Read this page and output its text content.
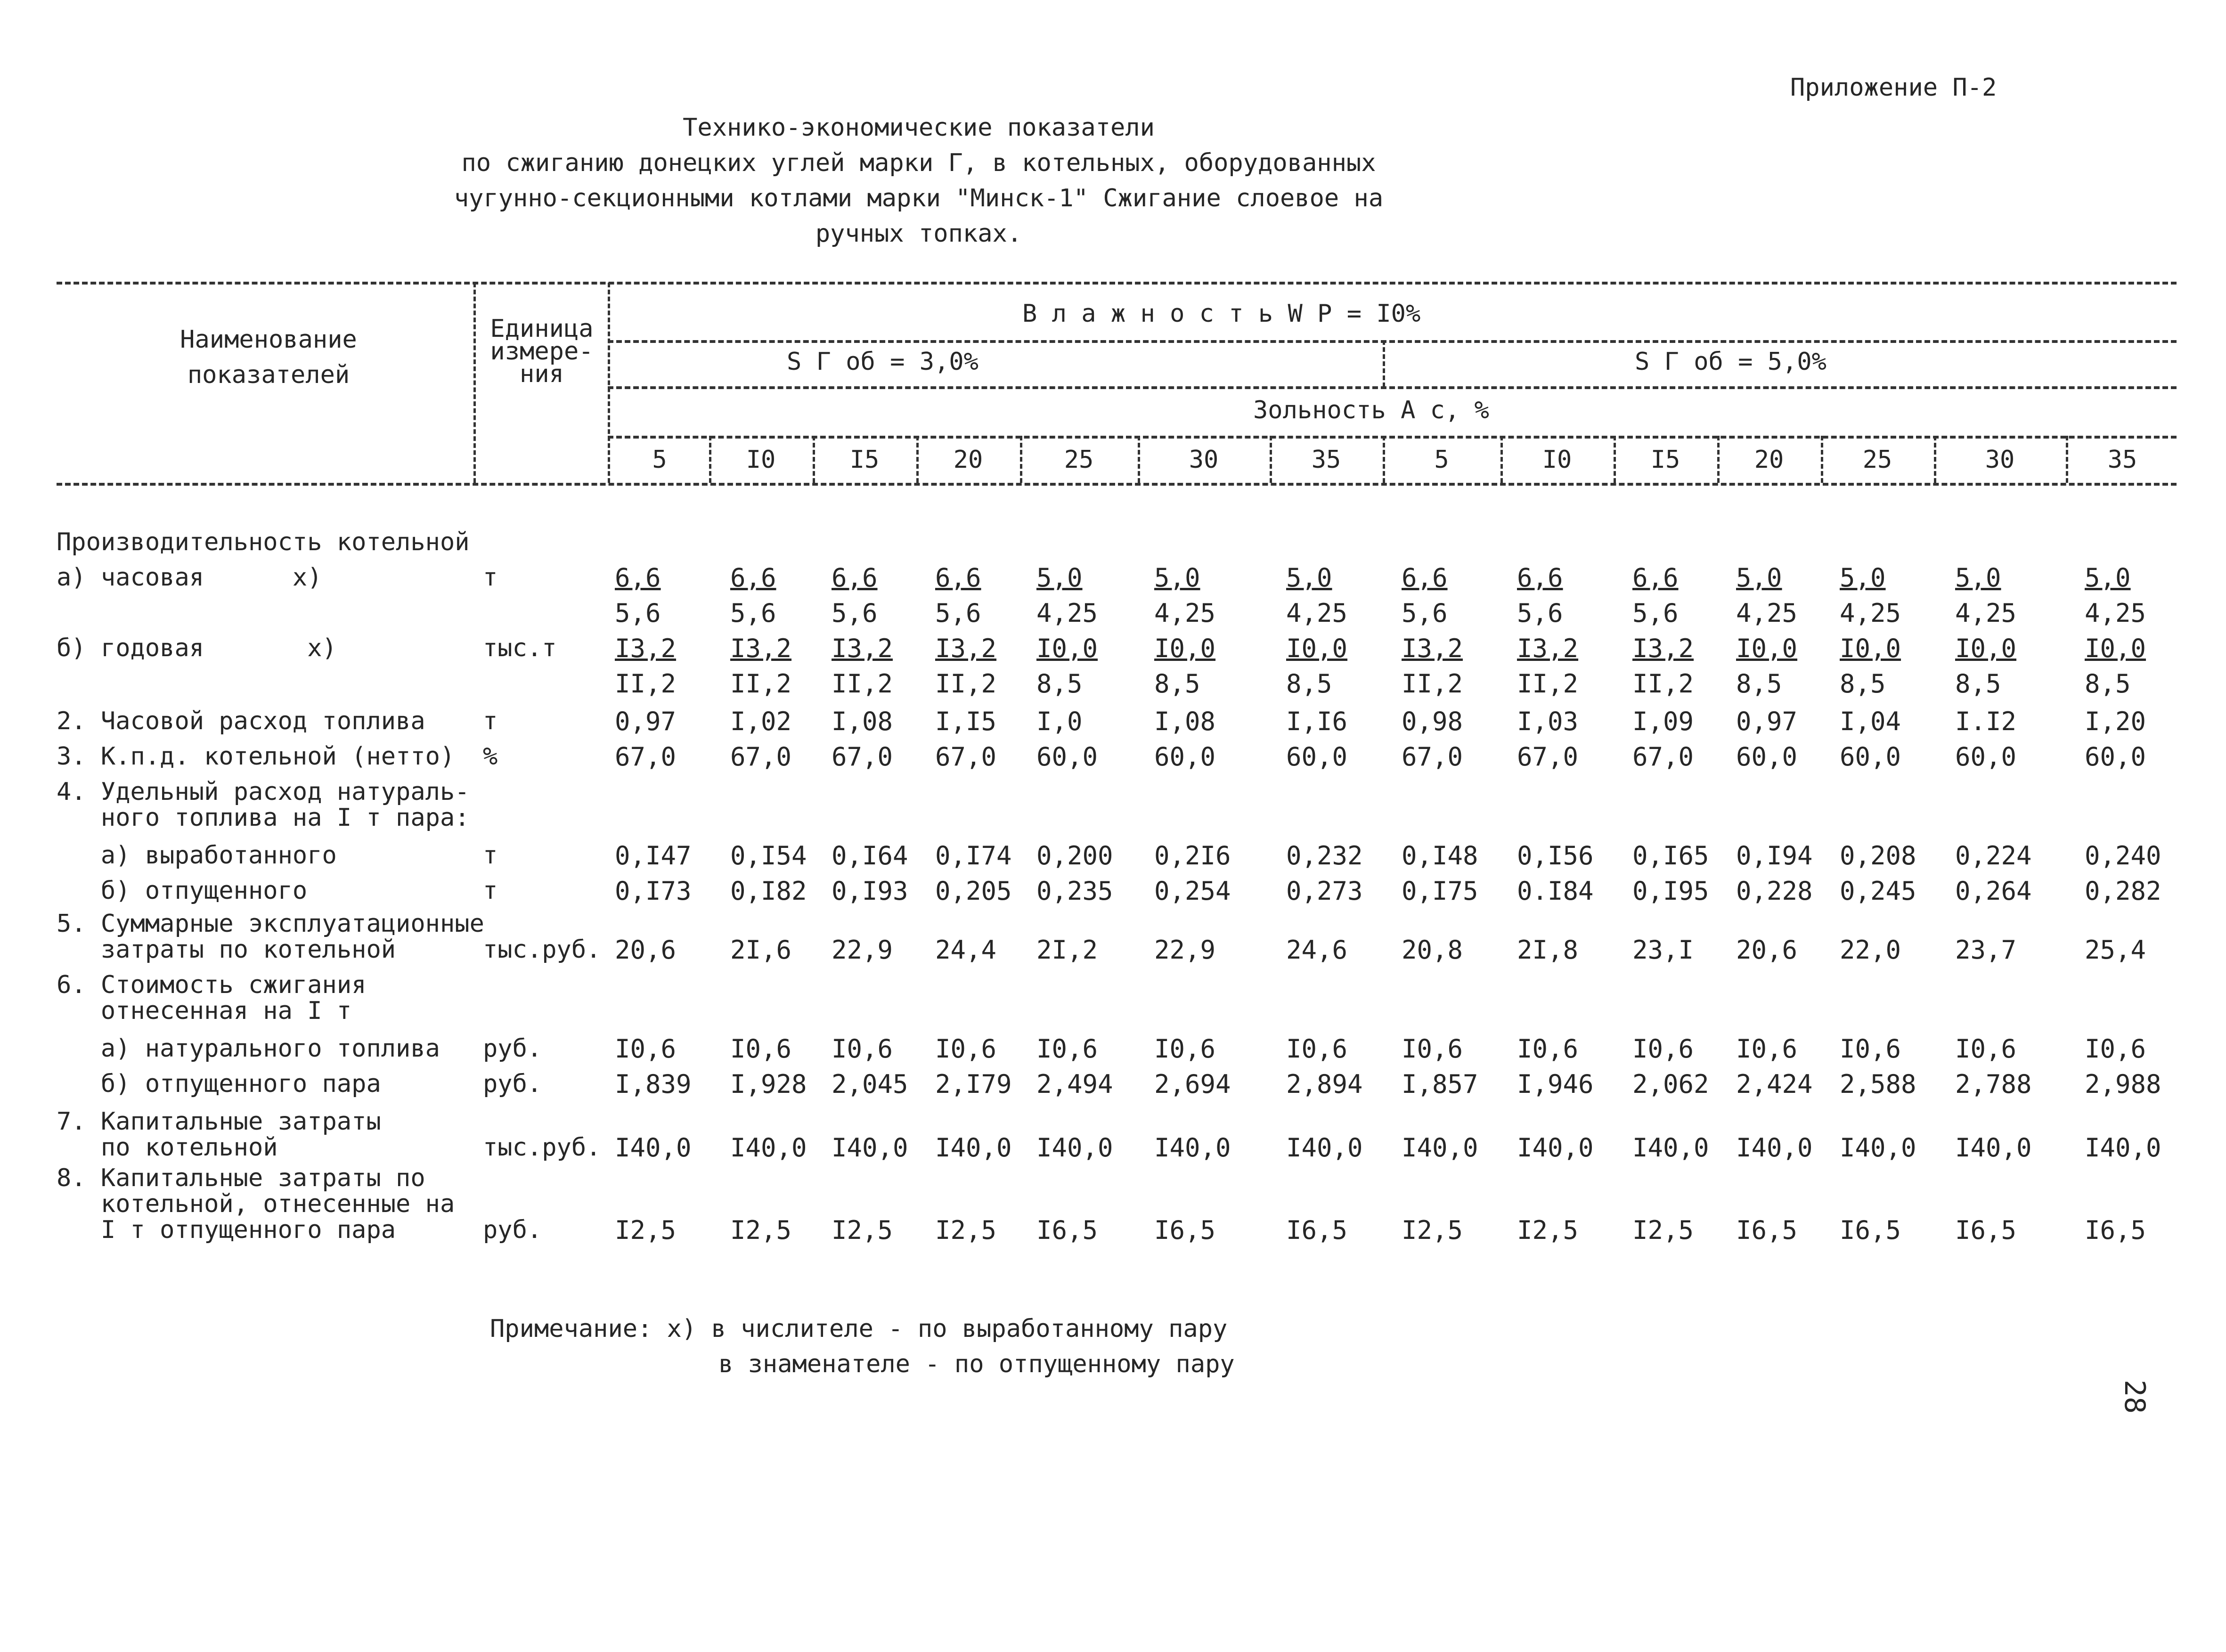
Приложение П-2
Технико-экономические показатели
по сжиганию донецких углей марки Г, в котельных, оборудованных
чугунно-секционными котлами марки "Минск-1" Сжигание слоевое на
ручных топках.
Наименование
показателей
Единица
измере-
ния
В л а ж н о с т ь W P = I0%
S Г об = 3,0%	S Г об = 5,0%
Зольность A c, %
5	I0	I5	20	25	30	35	5	I0	I5	20	25	30	35
Производительность котельной
а) часовая      х)	т	6,6	6,6 6,6 6,6 5,0	5,0	5,0	6,6	6,6	6,6 5,0 5,0	5,0	5,0
5,6	5,6 5,6 5,6 4,25 4,25	4,25 5,6	5,6	5,6 4,25 4,25 4,25	4,25
б) годовая       х)	тыс.т I3,2 I3,2 I3,2 I3,2 I0,0 I0,0	I0,0 I3,2 I3,2 I3,2 I0,0 I0,0 I0,0	I0,0
II,2 II,2 II,2 II,2 8,5	8,5	8,5	II,2 II,2 II,2 8,5 8,5	8,5	8,5
2. Часовой расход топлива т	0,97 I,02 I,08 I,I5 I,0	I,08	I,I6 0,98 I,03 I,09 0,97 I,04 I.I2	I,20
3. К.п.д. котельной (нетто) %	67,0 67,0 67,0 67,0 60,0 60,0	60,0 67,0 67,0 67,0 60,0 60,0 60,0	60,0
4. Удельный расход натураль-
ного топлива на I т пара:
а) выработанного	т	0,I47 0,I54 0,I64 0,I74 0,200 0,2I6 0,232 0,I48 0,I56 0,I65 0,I94 0,208 0,224 0,240
б) отпущенного	т	0,I73 0,I82 0,I93 0,205 0,235 0,254 0,273 0,I75 0.I84 0,I95 0,228 0,245 0,264 0,282
5. Суммарные эксплуатационные
затраты по котельной	тыс.руб. 20,6 2I,6 22,9 24,4 2I,2 22,9	24,6 20,8 2I,8 23,I 20,6 22,0 23,7	25,4
6. Стоимость сжигания
отнесенная на I т
а) натурального топлива руб.	I0,6 I0,6 I0,6 I0,6 I0,6 I0,6	I0,6 I0,6 I0,6 I0,6 I0,6 I0,6 I0,6	I0,6
б) отпущенного пара	руб.	I,839 I,928 2,045 2,I79 2,494 2,694 2,894 I,857 I,946 2,062 2,424 2,588 2,788 2,988
7. Капитальные затраты
по котельной	тыс.руб. I40,0 I40,0 I40,0 I40,0 I40,0 I40,0 I40,0 I40,0 I40,0 I40,0 I40,0 I40,0 I40,0 I40,0
8. Капитальные затраты по
котельной, отнесенные на
I т отпущенного пара	руб.	I2,5 I2,5 I2,5 I2,5 I6,5 I6,5	I6,5 I2,5 I2,5 I2,5 I6,5 I6,5 I6,5	I6,5
Примечание: х) в числителе - по выработанному пару
в знаменателе - по отпущенному пару
28
